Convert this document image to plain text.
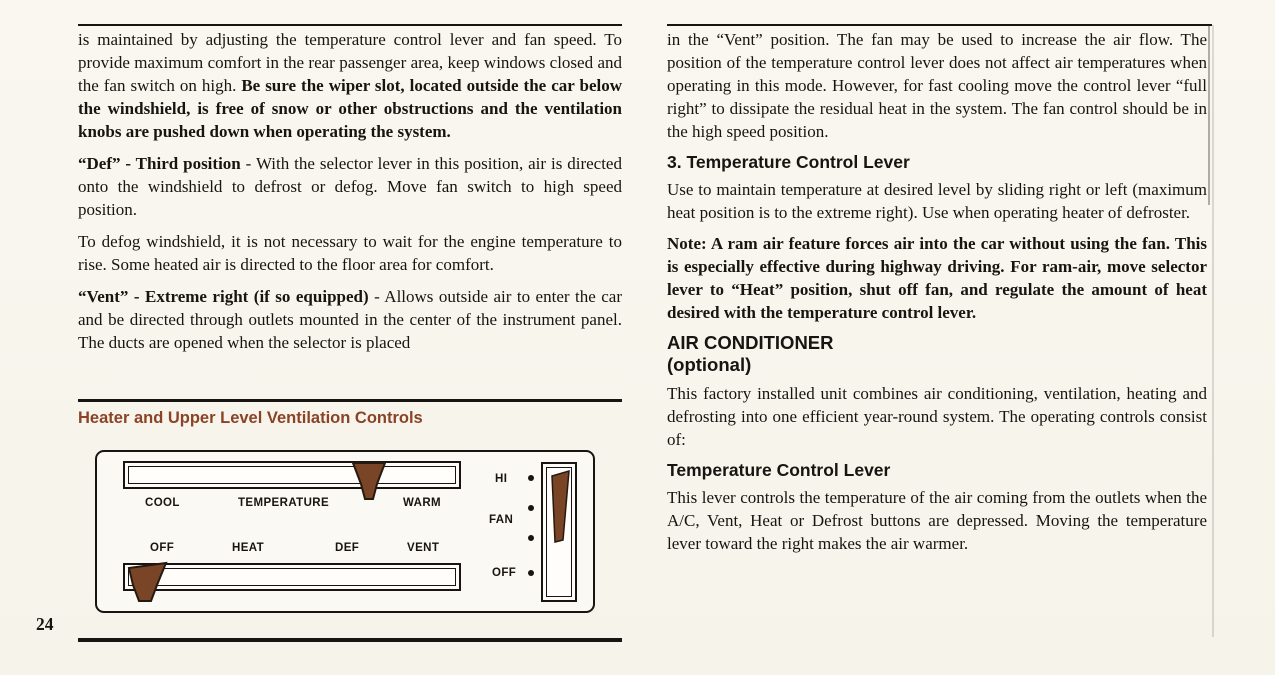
is maintained by adjusting the temperature control lever and fan speed. To provide maximum comfort in the rear passenger area, keep windows closed and the fan switch on high. Be sure the wiper slot, located outside the car below the windshield, is free of snow or other obstructions and the ventilation knobs are pushed down when operating the system.

“Def” - Third position - With the selector lever in this position, air is directed onto the windshield to defrost or defog. Move fan switch to high speed position.

To defog windshield, it is not necessary to wait for the engine temperature to rise. Some heated air is directed to the floor area for comfort.

“Vent” - Extreme right (if so equipped) - Allows outside air to enter the car and be directed through outlets mounted in the center of the instrument panel. The ducts are opened when the selector is placed

Heater and Upper Level Ventilation Controls
COOL	TEMPERATURE	WARM
OFF	HEAT	DEF	VENT
HI
FAN
OFF
24

in the “Vent” position. The fan may be used to increase the air flow. The position of the temperature control lever does not affect air temperatures when operating in this mode. However, for fast cooling move the control lever “full right” to dissipate the residual heat in the system. The fan control should be in the high speed position.

3. Temperature Control Lever

Use to maintain temperature at desired level by sliding right or left (maximum heat position is to the extreme right). Use when operating heater of defroster.

Note: A ram air feature forces air into the car without using the fan. This is especially effective during highway driving. For ram-air, move selector lever to “Heat” position, shut off fan, and regulate the amount of heat desired with the temperature control lever.

AIR CONDITIONER
(optional)

This factory installed unit combines air conditioning, ventilation, heating and defrosting into one efficient year-round system. The operating controls consist of:

Temperature Control Lever

This lever controls the temperature of the air coming from the outlets when the A/C, Vent, Heat or Defrost buttons are depressed. Moving the temperature lever toward the right makes the air warmer.
